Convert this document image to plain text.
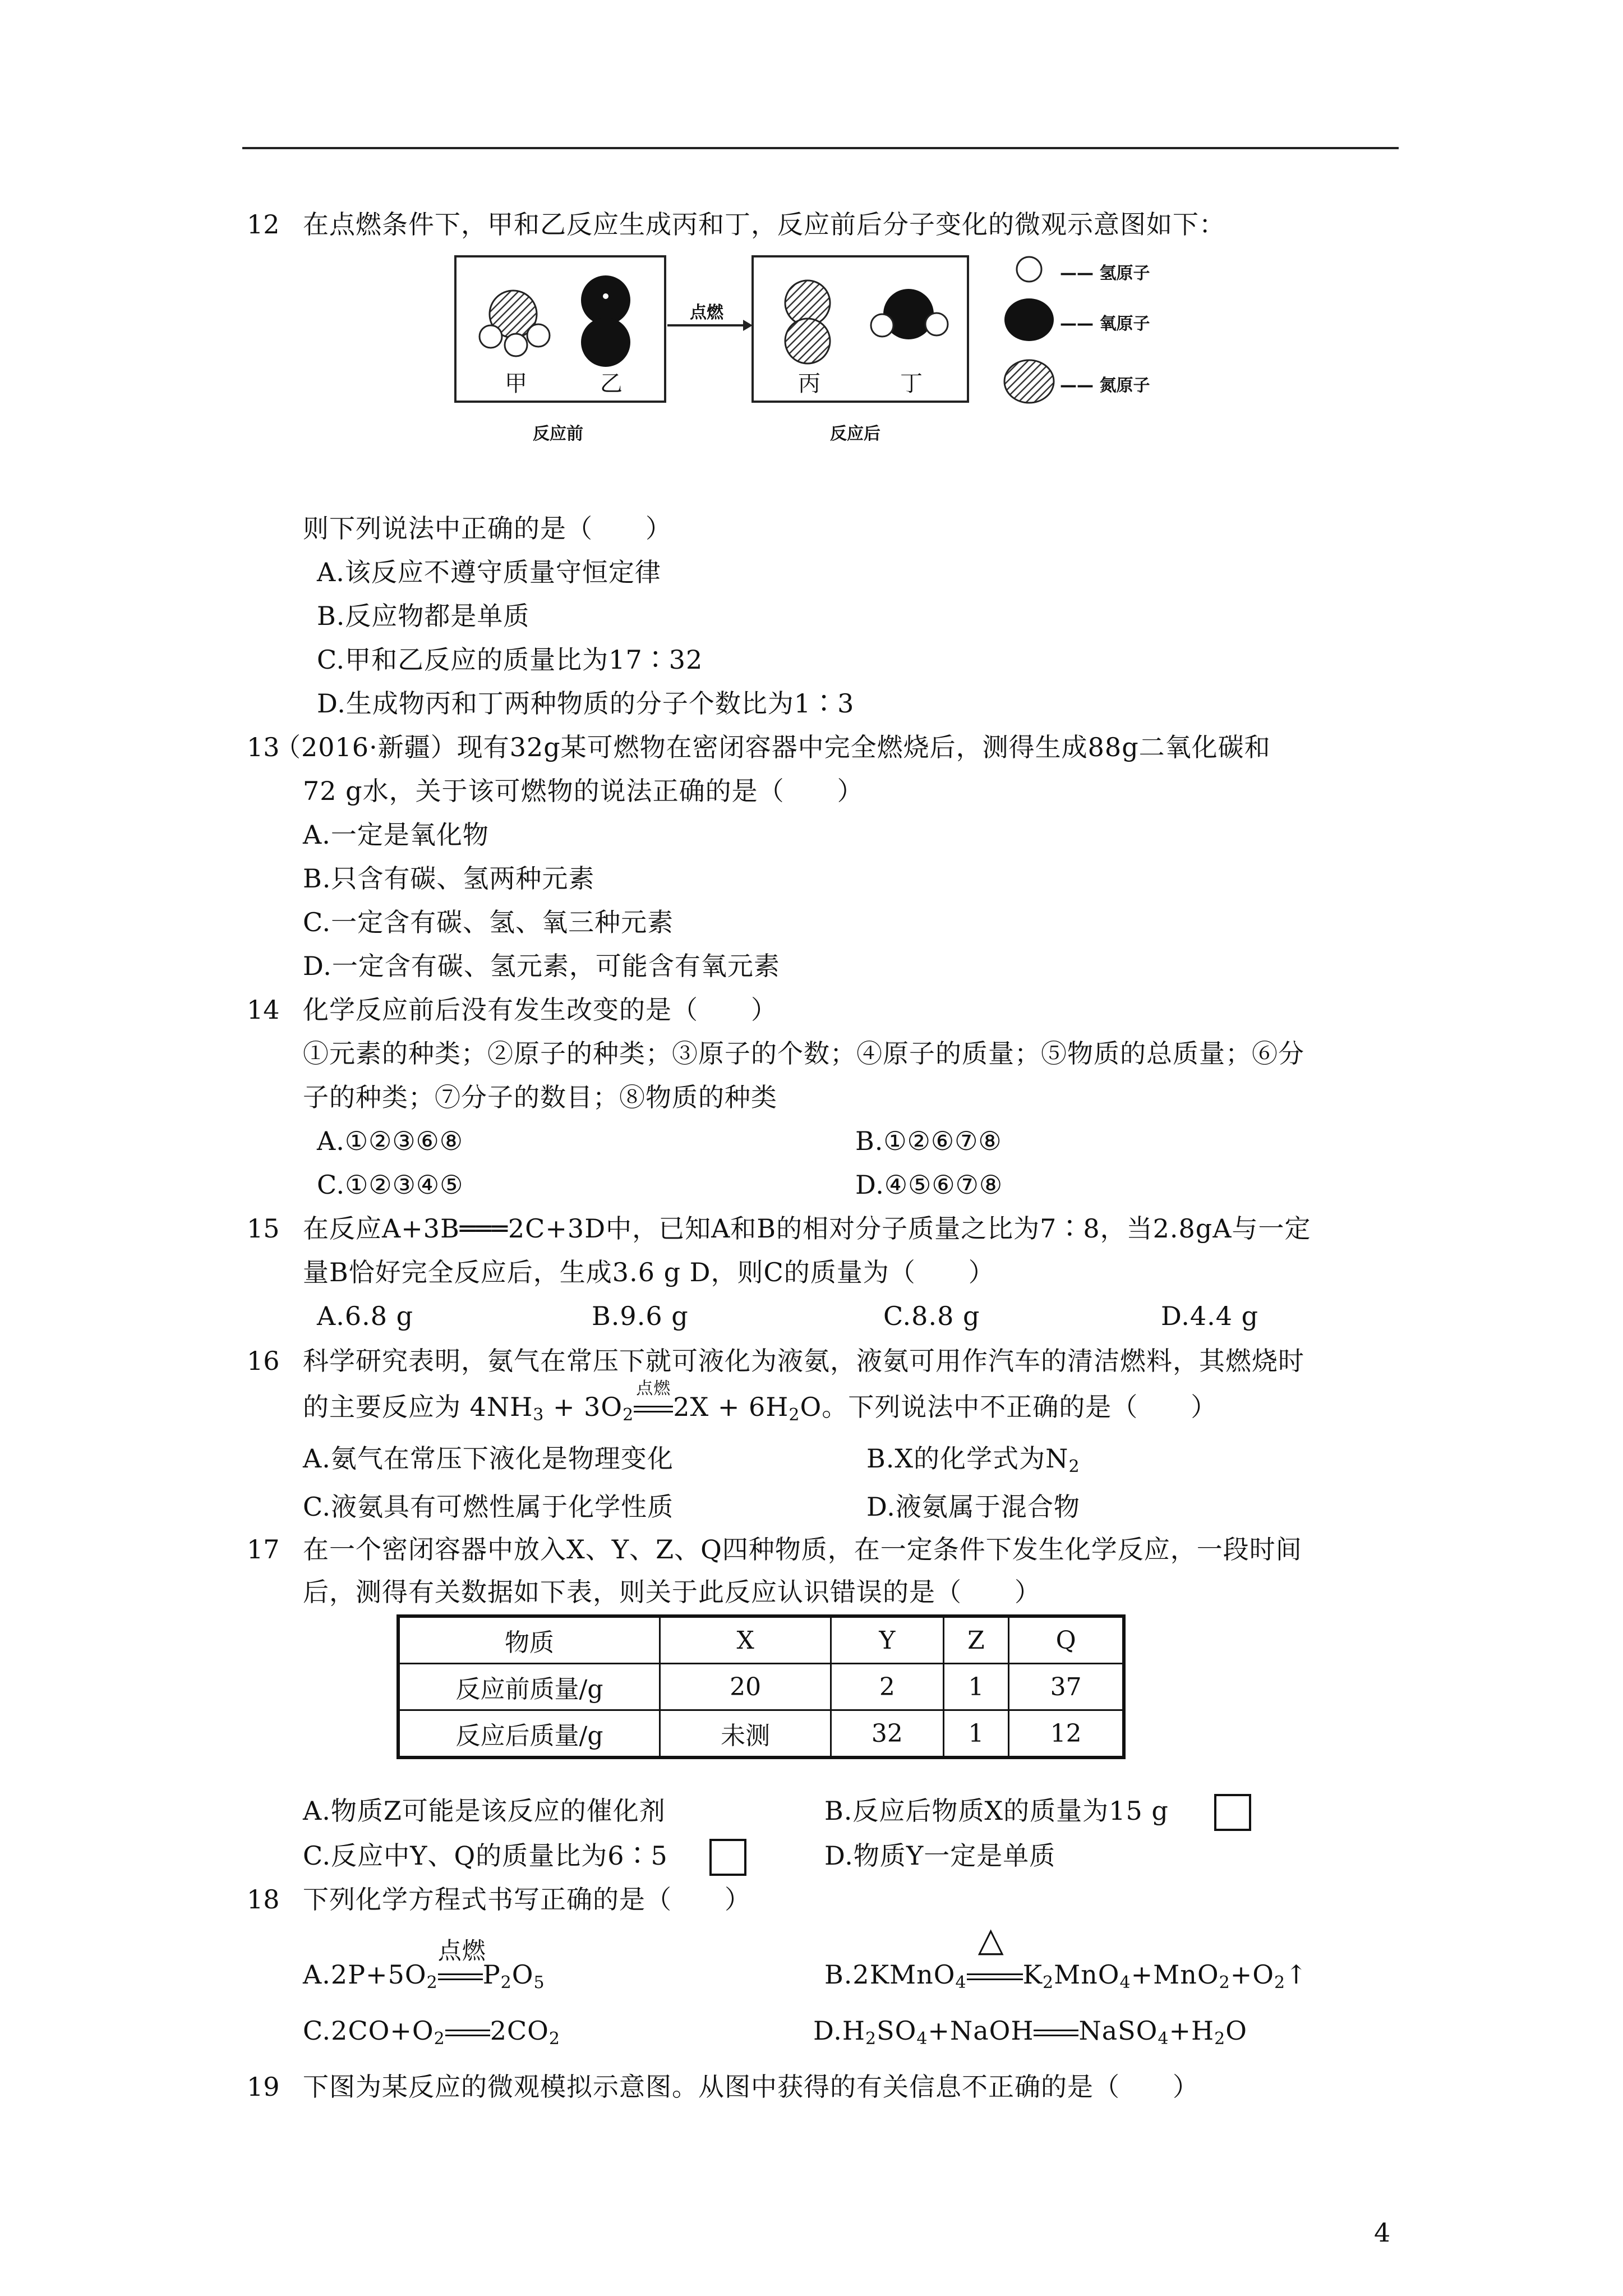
12 在点燃条件下，甲和乙反应生成丙和丁，反应前后分子变化的微观示意图如下：
甲	乙	丙	丁
点燃
反应前	反应后
—— 氢原子
—— 氧原子
—— 氮原子
则下列说法中正确的是（　　）
A.该反应不遵守质量守恒定律
B.反应物都是单质
C.甲和乙反应的质量比为17∶32
D.生成物丙和丁两种物质的分子个数比为1∶3
13
（2016·新疆）现有32g某可燃物在密闭容器中完全燃烧后，测得生成88g二氧化碳和
72 g水，关于该可燃物的说法正确的是（　　）
A.一定是氧化物
B.只含有碳、氢两种元素
C.一定含有碳、氢、氧三种元素
D.一定含有碳、氢元素，可能含有氧元素
14 化学反应前后没有发生改变的是（　　）
①元素的种类；②原子的种类；③原子的个数；④原子的质量；⑤物质的总质量；⑥分
子的种类；⑦分子的数目；⑧物质的种类
A.①②③⑥⑧	B.①②⑥⑦⑧
C.①②③④⑤	D.④⑤⑥⑦⑧
15 在反应A+3B═══2C+3D中，已知A和B的相对分子质量之比为7∶8，当2.8gA与一定
量B恰好完全反应后，生成3.6 g D，则C的质量为（　　）
A.6.8 g	B.9.6 g	C.8.8 g	D.4.4 g
16 科学研究表明，氨气在常压下就可液化为液氨，液氨可用作汽车的清洁燃料，其燃烧时
的主要反应为 $4NH_3 + 3O_2$
点燃
$2X + 6H_2O$。下列说法中不正确的是（　　）
A.氨气在常压下液化是物理变化	B.X的化学式为$N_2$
C.液氨具有可燃性属于化学性质	D.液氨属于混合物
17 在一个密闭容器中放入X、Y、Z、Q四种物质，在一定条件下发生化学反应，一段时间
后，测得有关数据如下表，则关于此反应认识错误的是（　　）
物质	X	Y	Z	Q
反应前质量/g	20	2	1	37
反应后质量/g	未测	32	1	12
A.物质Z可能是该反应的催化剂	B.反应后物质X的质量为15 g
C.反应中Y、Q的质量比为6∶5	D.物质Y一定是单质
18 下列化学方程式书写正确的是（　　）
$A.2P+5O_2$
点燃
$P_2O_5$	B.2KMnO$_4$
△
$K_2MnO_4+MnO_2+O_2↑$
$C.2CO+O_2$ $2CO_2$	$D.H_2SO_4+NaOH$ $NaSO_4+H_2O$
19 下图为某反应的微观模拟示意图。从图中获得的有关信息不正确的是（　　）
4
